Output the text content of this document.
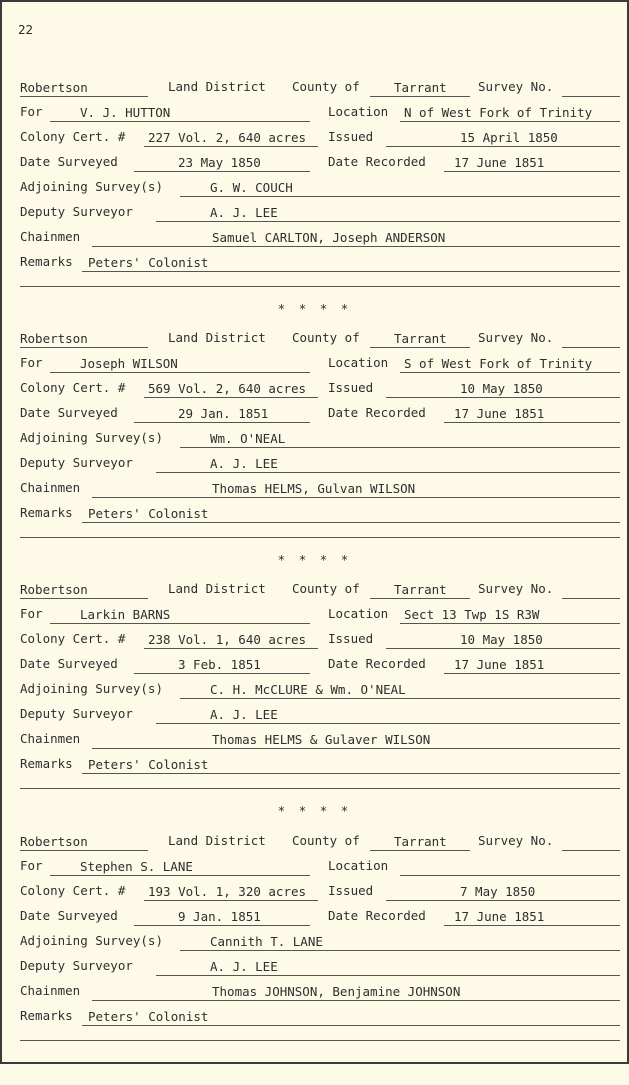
22
Robertson	Land District County of	Tarrant	Survey No.
For	V. J. HUTTON	Location N of West Fork of Trinity
Colony Cert. # 227 Vol. 2, 640 acres Issued	15 April 1850
Date Surveyed	23 May 1850	Date Recorded 17 June 1851
Adjoining Survey(s)	G. W. COUCH
Deputy Surveyor	A. J. LEE
Chainmen	Samuel CARLTON, Joseph ANDERSON
Remarks Peters' Colonist
* * * *
Robertson	Land District County of	Tarrant	Survey No.
For	Joseph WILSON	Location S of West Fork of Trinity
Colony Cert. # 569 Vol. 2, 640 acres Issued	10 May 1850
Date Surveyed	29 Jan. 1851	Date Recorded 17 June 1851
Adjoining Survey(s)	Wm. O'NEAL
Deputy Surveyor	A. J. LEE
Chainmen	Thomas HELMS, Gulvan WILSON
Remarks Peters' Colonist
* * * *
Robertson	Land District County of	Tarrant	Survey No.
For	Larkin BARNS	Location Sect 13 Twp 1S R3W
Colony Cert. # 238 Vol. 1, 640 acres Issued	10 May 1850
Date Surveyed	3 Feb. 1851	Date Recorded 17 June 1851
Adjoining Survey(s)	C. H. McCLURE & Wm. O'NEAL
Deputy Surveyor	A. J. LEE
Chainmen	Thomas HELMS & Gulaver WILSON
Remarks Peters' Colonist
* * * *
Robertson	Land District County of	Tarrant	Survey No.
For	Stephen S. LANE	Location
Colony Cert. # 193 Vol. 1, 320 acres Issued	7 May 1850
Date Surveyed	9 Jan. 1851	Date Recorded 17 June 1851
Adjoining Survey(s)	Cannith T. LANE
Deputy Surveyor	A. J. LEE
Chainmen	Thomas JOHNSON, Benjamine JOHNSON
Remarks Peters' Colonist
